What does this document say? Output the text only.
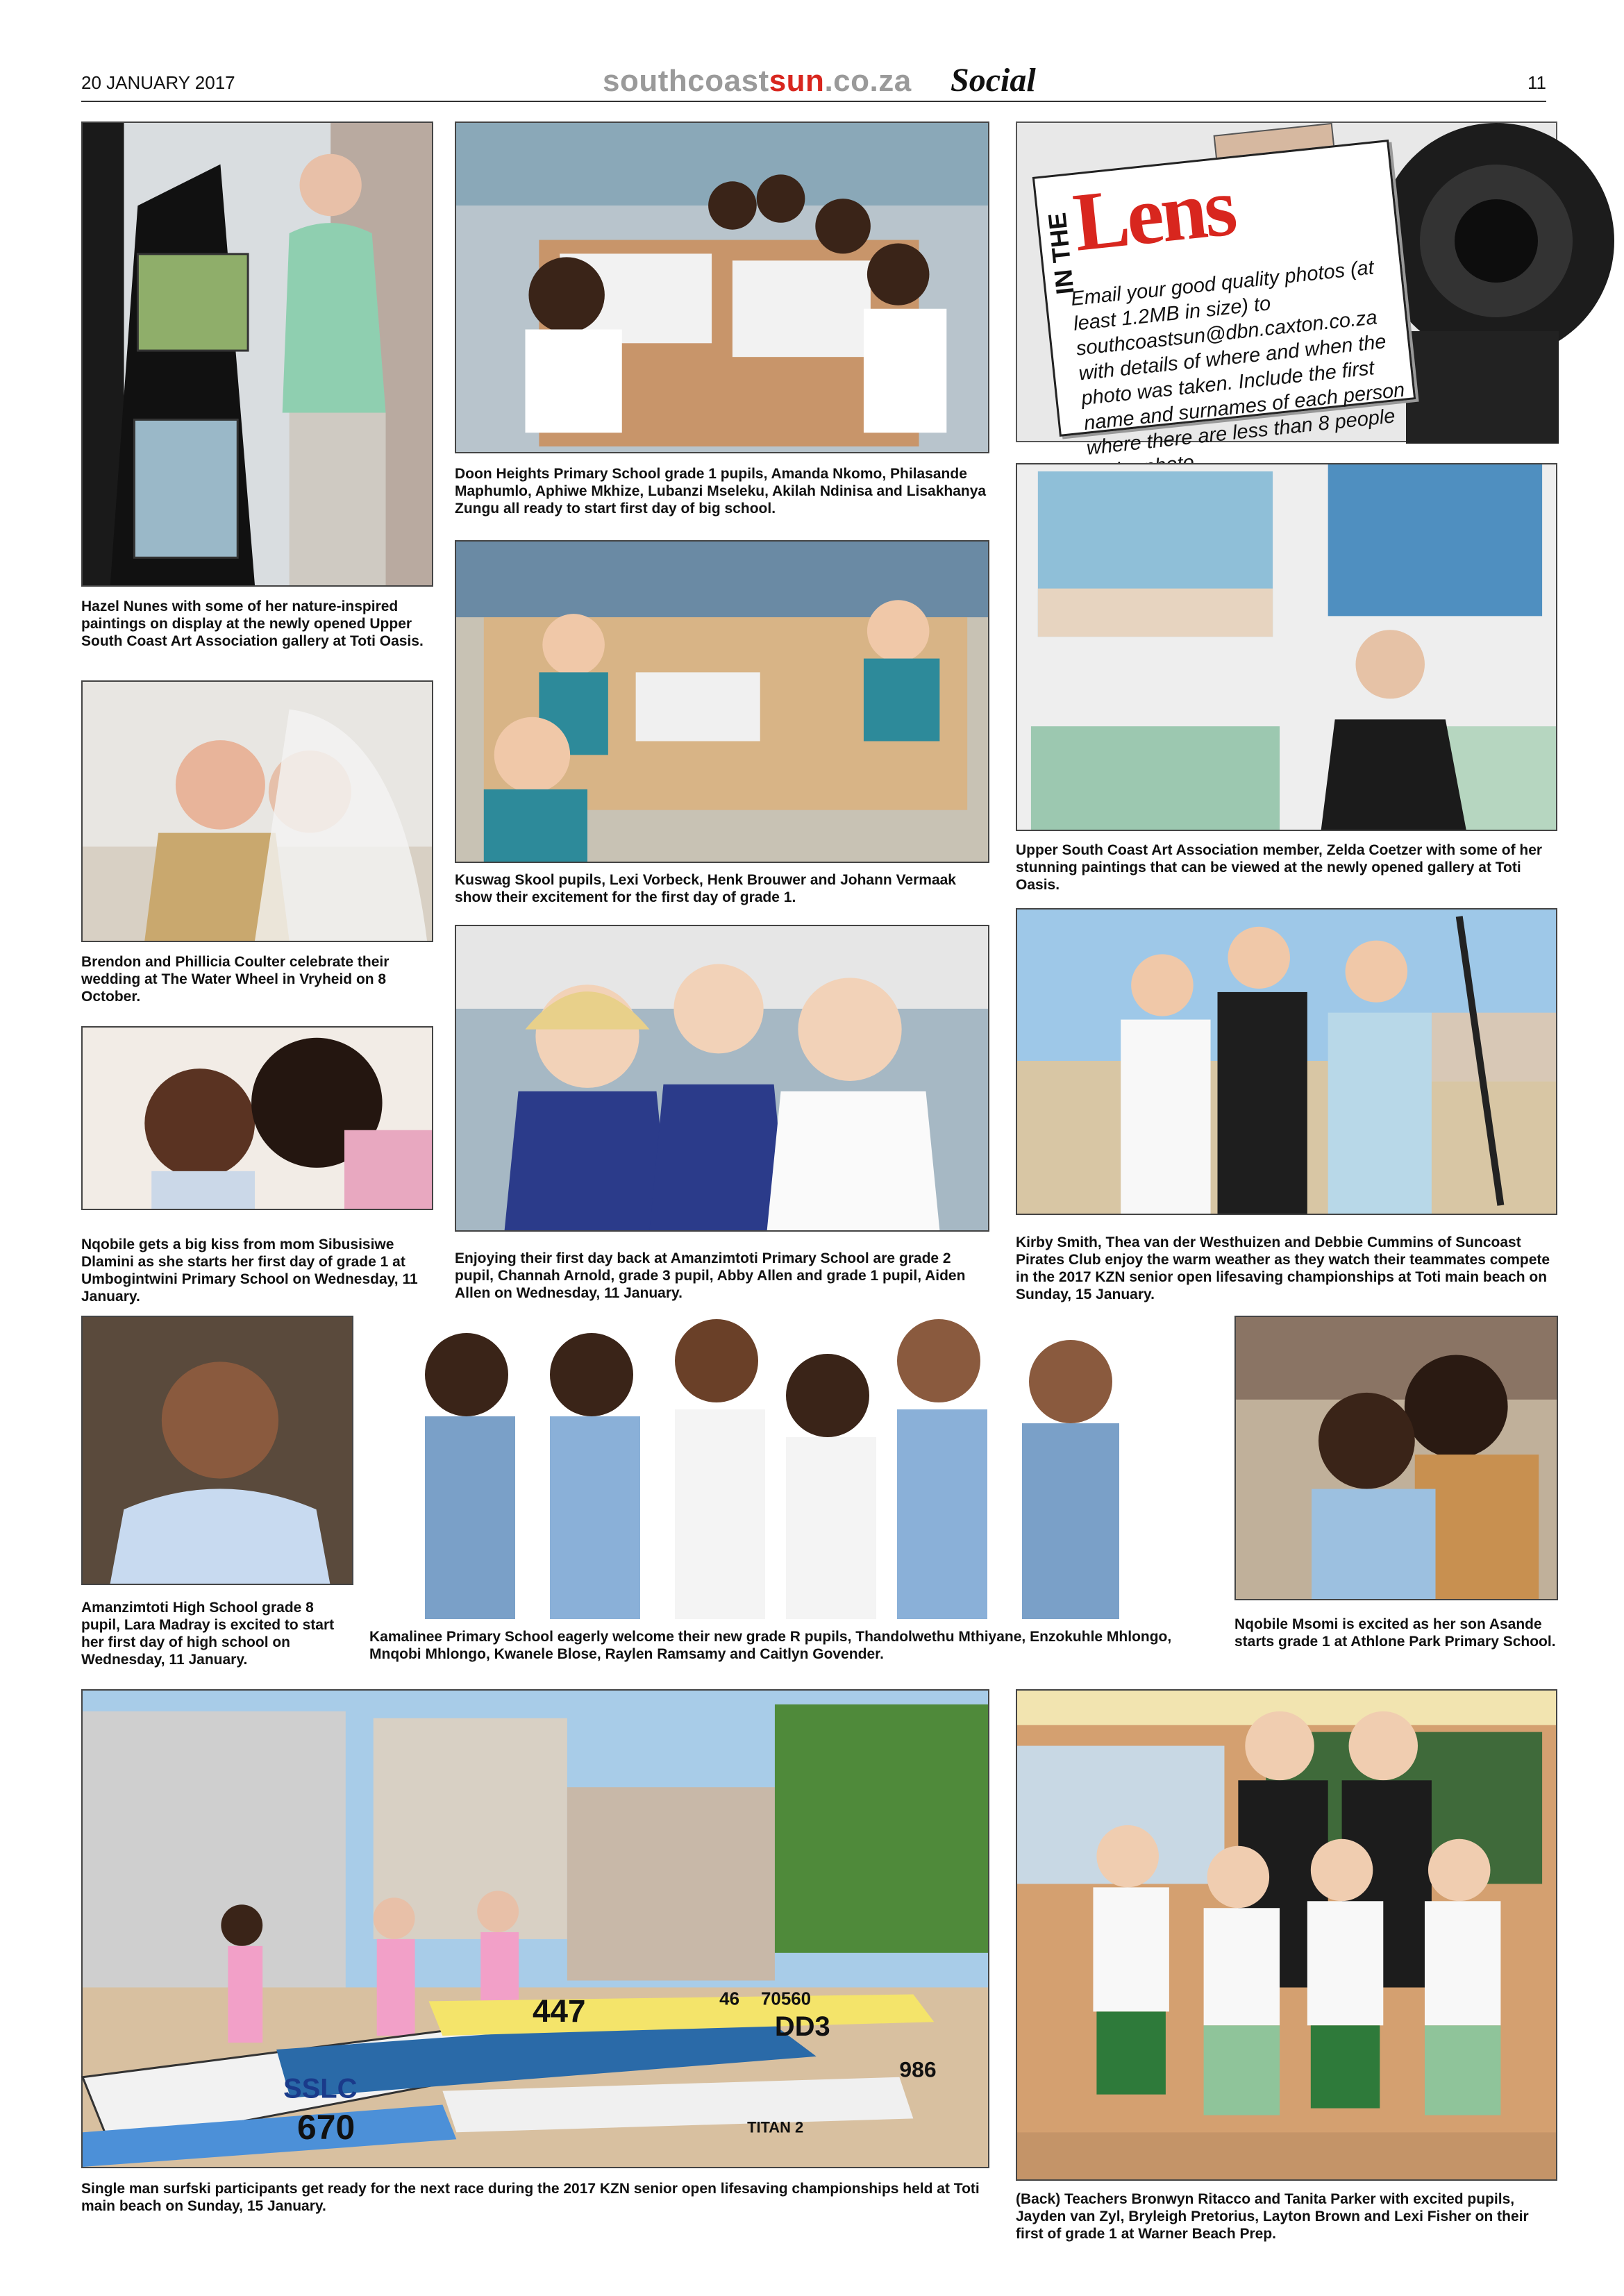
20 JANUARY 2017	southcoastsun.co.za Social	11
Hazel Nunes with some of her nature-inspired paintings on display at the newly opened Upper South Coast Art Association gallery at Toti Oasis.
Doon Heights Primary School grade 1 pupils, Amanda Nkomo, Philasande Maphumlo, Aphiwe Mkhize, Lubanzi Mseleku, Akilah Ndinisa and Lisakhanya Zungu all ready to start first day of big school.
IN THE
Lens
Email your good quality photos (at least 1.2MB in size) to southcoastsun@dbn.caxton.co.za with details of where and when the photo was taken. Include the first name and surnames of each person where there are less than 8 people
Upper South Coast Art Association member, Zelda Coetzer with some of her stunning paintings that can be viewed at the newly opened gallery at Toti Oasis.
Brendon and Phillicia Coulter celebrate their wedding at The Water Wheel in Vryheid on 8 October.
Kuswag Skool pupils, Lexi Vorbeck, Henk Brouwer and Johann Vermaak show their excitement for the first day of grade 1.
Nqobile gets a big kiss from mom Sibusisiwe Dlamini as she starts her first day of grade 1 at Umbogintwini Primary School on Wednesday, 11 January.
Enjoying their first day back at Amanzimtoti Primary School are grade 2 pupil, Channah Arnold, grade 3 pupil, Abby Allen and grade 1 pupil, Aiden Allen on Wednesday, 11 January.
Kirby Smith, Thea van der Westhuizen and Debbie Cummins of Suncoast Pirates Club enjoy the warm weather as they watch their teammates compete in the 2017 KZN senior open lifesaving championships at Toti main beach on Sunday, 15 January.
Amanzimtoti High School grade 8 pupil, Lara Madray is excited to start her first day of high school on Wednesday, 11 January.
Kamalinee Primary School eagerly welcome their new grade R pupils, Thandolwethu Mthiyane, Enzokuhle Mhlongo, Mnqobi Mhlongo, Kwanele Blose, Raylen Ramsamy and Caitlyn Govender.
Nqobile Msomi is excited as her son Asande starts grade 1 at Athlone Park Primary School.
447
SSLC
670
DD3
46 70560
TITAN 2
986
Single man surfski participants get ready for the next race during the 2017 KZN senior open lifesaving championships held at Toti main beach on Sunday, 15 January.	(Back) Teachers Bronwyn Ritacco and Tanita Parker with excited pupils, Jayden van Zyl, Bryleigh Pretorius, Layton Brown and Lexi Fisher on their first of grade 1 at Warner Beach Prep.
